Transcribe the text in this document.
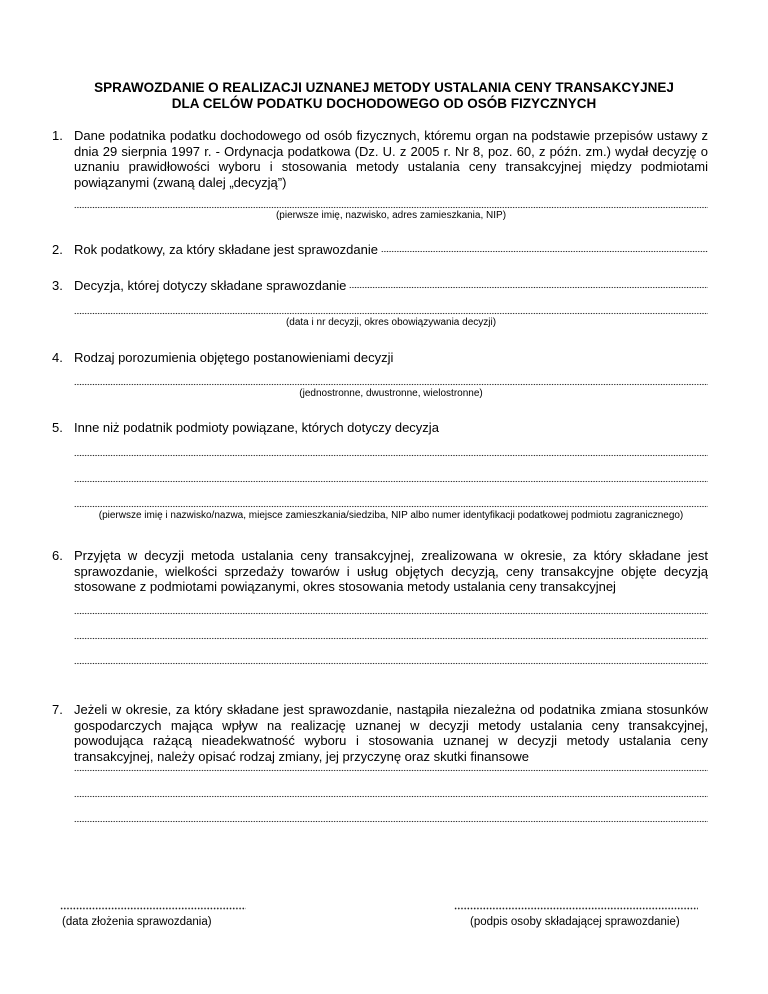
SPRAWOZDANIE O REALIZACJI UZNANEJ METODY USTALANIA CENY TRANSAKCYJNEJ
DLA CELÓW PODATKU DOCHODOWEGO OD OSÓB FIZYCZNYCH
1. Dane podatnika podatku dochodowego od osób fizycznych, któremu organ na podstawie przepisów ustawy z dnia 29 sierpnia 1997 r. - Ordynacja podatkowa (Dz. U. z 2005 r. Nr 8, poz. 60, z późn. zm.) wydał decyzję o uznaniu prawidłowości wyboru i stosowania metody ustalania ceny transakcyjnej między podmiotami powiązanymi (zwaną dalej „decyzją”)
(pierwsze imię, nazwisko, adres zamieszkania, NIP)
2. Rok podatkowy, za który składane jest sprawozdanie
3. Decyzja, której dotyczy składane sprawozdanie
(data i nr decyzji, okres obowiązywania decyzji)
4. Rodzaj porozumienia objętego postanowieniami decyzji
(jednostronne, dwustronne, wielostronne)
5. Inne niż podatnik podmioty powiązane, których dotyczy decyzja
(pierwsze imię i nazwisko/nazwa, miejsce zamieszkania/siedziba, NIP albo numer identyfikacji podatkowej podmiotu zagranicznego)
6. Przyjęta w decyzji metoda ustalania ceny transakcyjnej, zrealizowana w okresie, za który składane jest sprawozdanie, wielkości sprzedaży towarów i usług objętych decyzją, ceny transakcyjne objęte decyzją stosowane z podmiotami powiązanymi, okres stosowania metody ustalania ceny transakcyjnej
7. Jeżeli w okresie, za który składane jest sprawozdanie, nastąpiła niezależna od podatnika zmiana stosunków gospodarczych mająca wpływ na realizację uznanej w decyzji metody ustalania ceny transakcyjnej, powodująca rażącą nieadekwatność wyboru i stosowania uznanej w decyzji metody ustalania ceny transakcyjnej, należy opisać rodzaj zmiany, jej przyczynę oraz skutki finansowe
(data złożenia sprawozdania)	(podpis osoby składającej sprawozdanie)
